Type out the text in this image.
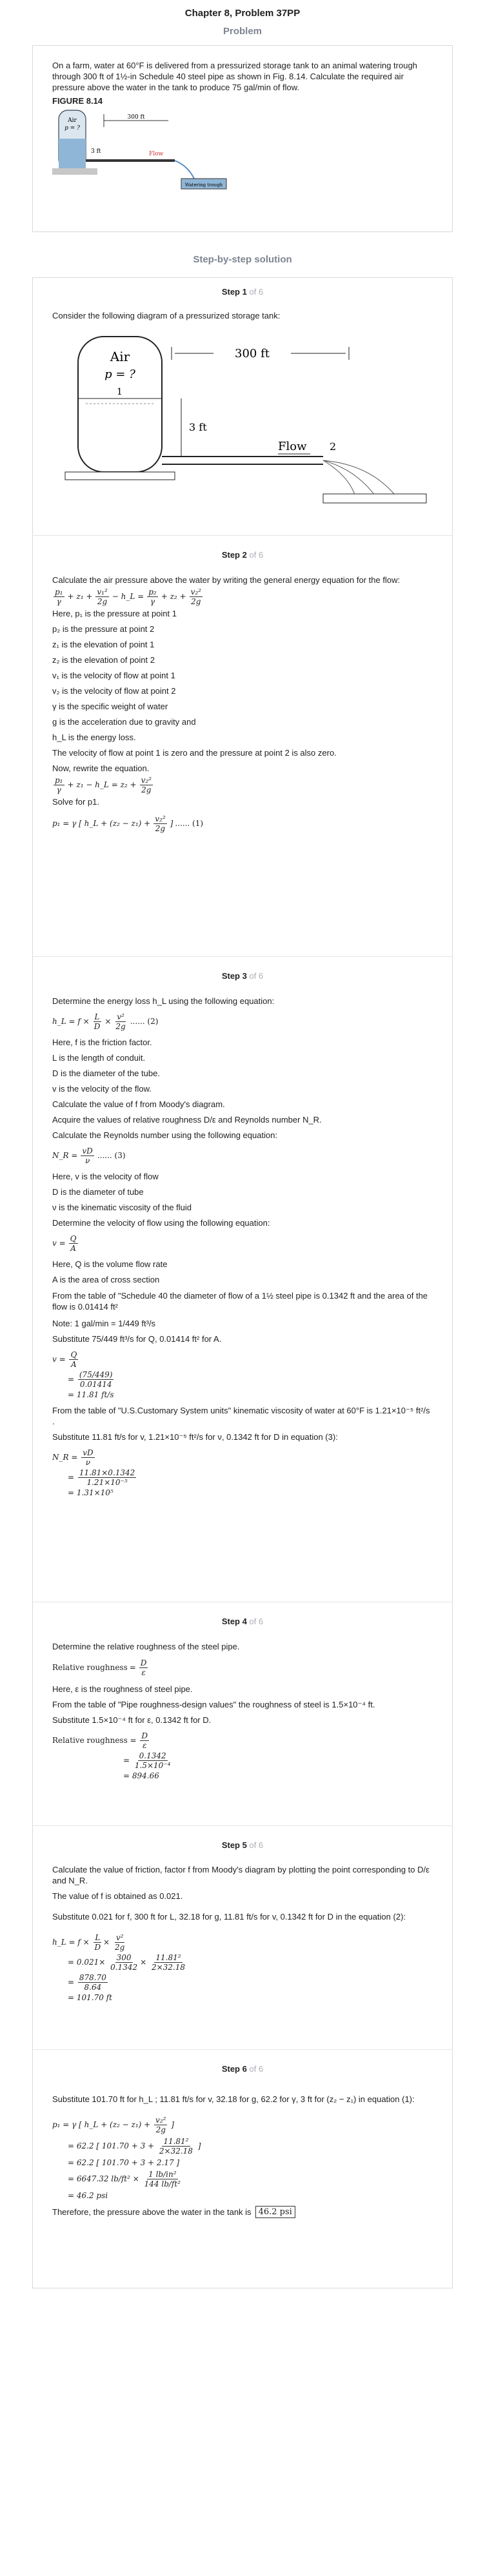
Chapter 8, Problem 37PP
Problem

On a farm, water at 60°F is delivered from a pressurized storage tank to an animal watering trough through 300 ft of 1½-in Schedule 40 steel pipe as shown in Fig. 8.14. Calculate the required air pressure above the water in the tank to produce 75 gal/min of flow.

FIGURE 8.14

Air
p = ?
300 ft
3 ft	Flow
Watering trough
Step-by-step solution
Step 1 of 6

Consider the following diagram of a pressurized storage tank:

Air
p = ?
1
300 ft
3 ft
Flow 2
Step 2 of 6

Calculate the air pressure above the water by writing the general energy equation for the flow:

$\frac{\text{p₁}}{\gamma} + z_1 + \frac{\text{v₁²}}{2g}$ − h_L = $\frac{\text{p₂}}{\gamma} + z_2 + \frac{\text{v₂²}}{2g}$

Here, p₁ is the pressure at point 1

p₂ is the pressure at point 2

z₁ is the elevation of point 1

z₂ is the elevation of point 2

v₁ is the velocity of flow at point 1

v₂ is the velocity of flow at point 2

γ is the specific weight of water

g is the acceleration due to gravity and

h_L is the energy loss.

The velocity of flow at point 1 is zero and the pressure at point 2 is also zero.

Now, rewrite the equation.

$\frac{\text{p₁}}{\gamma} + z_1$ − h_L = $z_2 + \frac{\text{v₂²}}{2g}$

Solve for p1.

p₁ = γ [ h_L + $(z_2 - z_1) + \frac{\text{v₂²}}{2g}$ ] ...... (1)
Step 3 of 6

Determine the energy loss h_L using the following equation:

h_L = $f \times \frac{L}{D} \times \frac{\text{v²}}{2g}$ ...... (2)

Here, f is the friction factor.

L is the length of conduit.

D is the diameter of the tube.

v is the velocity of the flow.

Calculate the value of f from Moody's diagram.

Acquire the values of relative roughness D/ε and Reynolds number N_R.

Calculate the Reynolds number using the following equation:

N_R = $\frac{vD}{\nu}$ ...... (3)

Here, v is the velocity of flow

D is the diameter of tube

ν is the kinematic viscosity of the fluid

Determine the velocity of flow using the following equation:

$v = \frac{Q}{A}$

Here, Q is the volume flow rate

A is the area of cross section

From the table of "Schedule 40 the diameter of flow of a 1½ steel pipe is 0.1342 ft and the area of the flow is 0.01414 ft²

Note: 1 gal/min = 1/449 ft³/s

Substitute 75/449 ft³/s for Q, 0.01414 ft² for A.

$v = \frac{Q}{A}$
= $\frac{(75/449)}{0.01414}$
= 11.81 ft/s

From the table of "U.S.Customary System units" kinematic viscosity of water at 60°F is 1.21×10⁻⁵ ft²/s .

Substitute 11.81 ft/s for v, 1.21×10⁻⁵ ft²/s for ν, 0.1342 ft for D in equation (3):

N_R = $\frac{vD}{\nu}$
= $\frac{11.81\times 0.1342}{\text{1.21×10⁻⁵}}$
= 1.31×10⁵
Step 4 of 6

Determine the relative roughness of the steel pipe.

Relative roughness = $\frac{D}{\varepsilon}$

Here, ε is the roughness of steel pipe.

From the table of "Pipe roughness-design values" the roughness of steel is 1.5×10⁻⁴ ft.

Substitute 1.5×10⁻⁴ ft for ε, 0.1342 ft for D.

Relative roughness = $\frac{D}{\varepsilon}$
= $\frac{0.1342}{\text{1.5×10⁻⁴}}$
= 894.66
Step 5 of 6

Calculate the value of friction, factor f from Moody's diagram by plotting the point corresponding to D/ε and N_R.

The value of f is obtained as 0.021.

Substitute 0.021 for f, 300 ft for L, 32.18 for g, 11.81 ft/s for v, 0.1342 ft for D in the equation (2):

h_L = $f \times \frac{L}{D} \times \frac{\text{v²}}{2g}$
= $0.021\times \frac{300}{0.1342} \times \frac{\text{11.81²}}{2\times 32.18}$
= $\frac{878.70}{8.64}$
= 101.70 ft
Step 6 of 6

Substitute 101.70 ft for h_L ; 11.81 ft/s for v, 32.18 for g, 62.2 for γ, 3 ft for (z₂ − z₁) in equation (1):

p₁ = γ [ h_L + $(z_2 - z_1) + \frac{\text{v₂²}}{2g}$ ]
= 62.2 [ $101.70 + 3 + \frac{\text{11.81²}}{2\times 32.18}$ ]
= 62.2 [ 101.70 + 3 + 2.17 ]
= 6647.32 $lb/ft^2 \times \frac{\text{1 lb/in²}}{\text{144 lb/ft²}}$
= 46.2 psi

Therefore, the pressure above the water in the tank is 46.2 psi
